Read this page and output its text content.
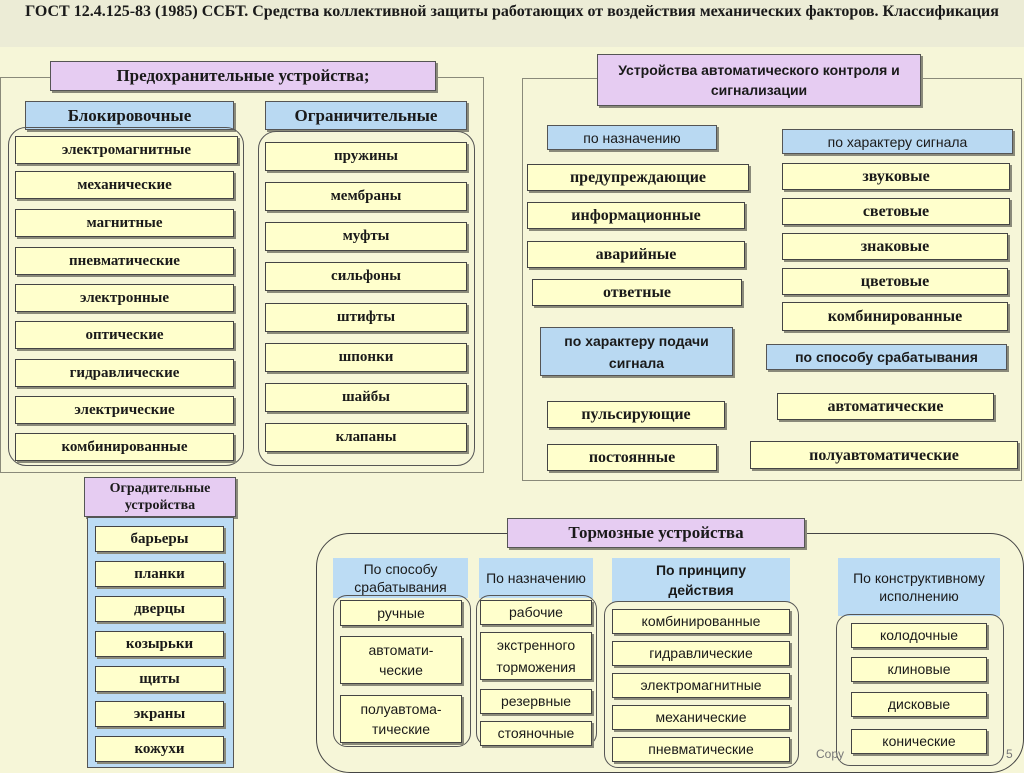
ГОСТ 12.4.125-83 (1985) ССБТ. Средства коллективной защиты работающих от воздействия механических факторов. Классификация
Предохранительные устройства;
Блокировочные
электромагнитные
механические
магнитные
пневматические
электронные
оптические
гидравлические
электрические
комбинированные
Ограничительные
пружины
мембраны
муфты
сильфоны
штифты
шпонки
шайбы
клапаны
Устройства автоматического контроля и сигнализации
по назначению
предупреждающие
информационные
аварийные
ответные
по характеру сигнала
звуковые
световые
знаковые
цветовые
комбинированные
по характеру подачи сигнала
пульсирующие
постоянные
по способу срабатывания
автоматические
полуавтоматические
Оградительные устройства
барьеры
планки
дверцы
козырьки
щиты
экраны
кожухи
Тормозные устройства
По способу срабатывания
ручные
автомати-ческие
полуавтома-тические
По назначению
рабочие
экстренного торможения
резервные
стояночные
По принципу действия
комбинированные
гидравлические
электромагнитные
механические
пневматические
По конструктивному исполнению
колодочные
клиновые
дисковые
конические
Copy	5
